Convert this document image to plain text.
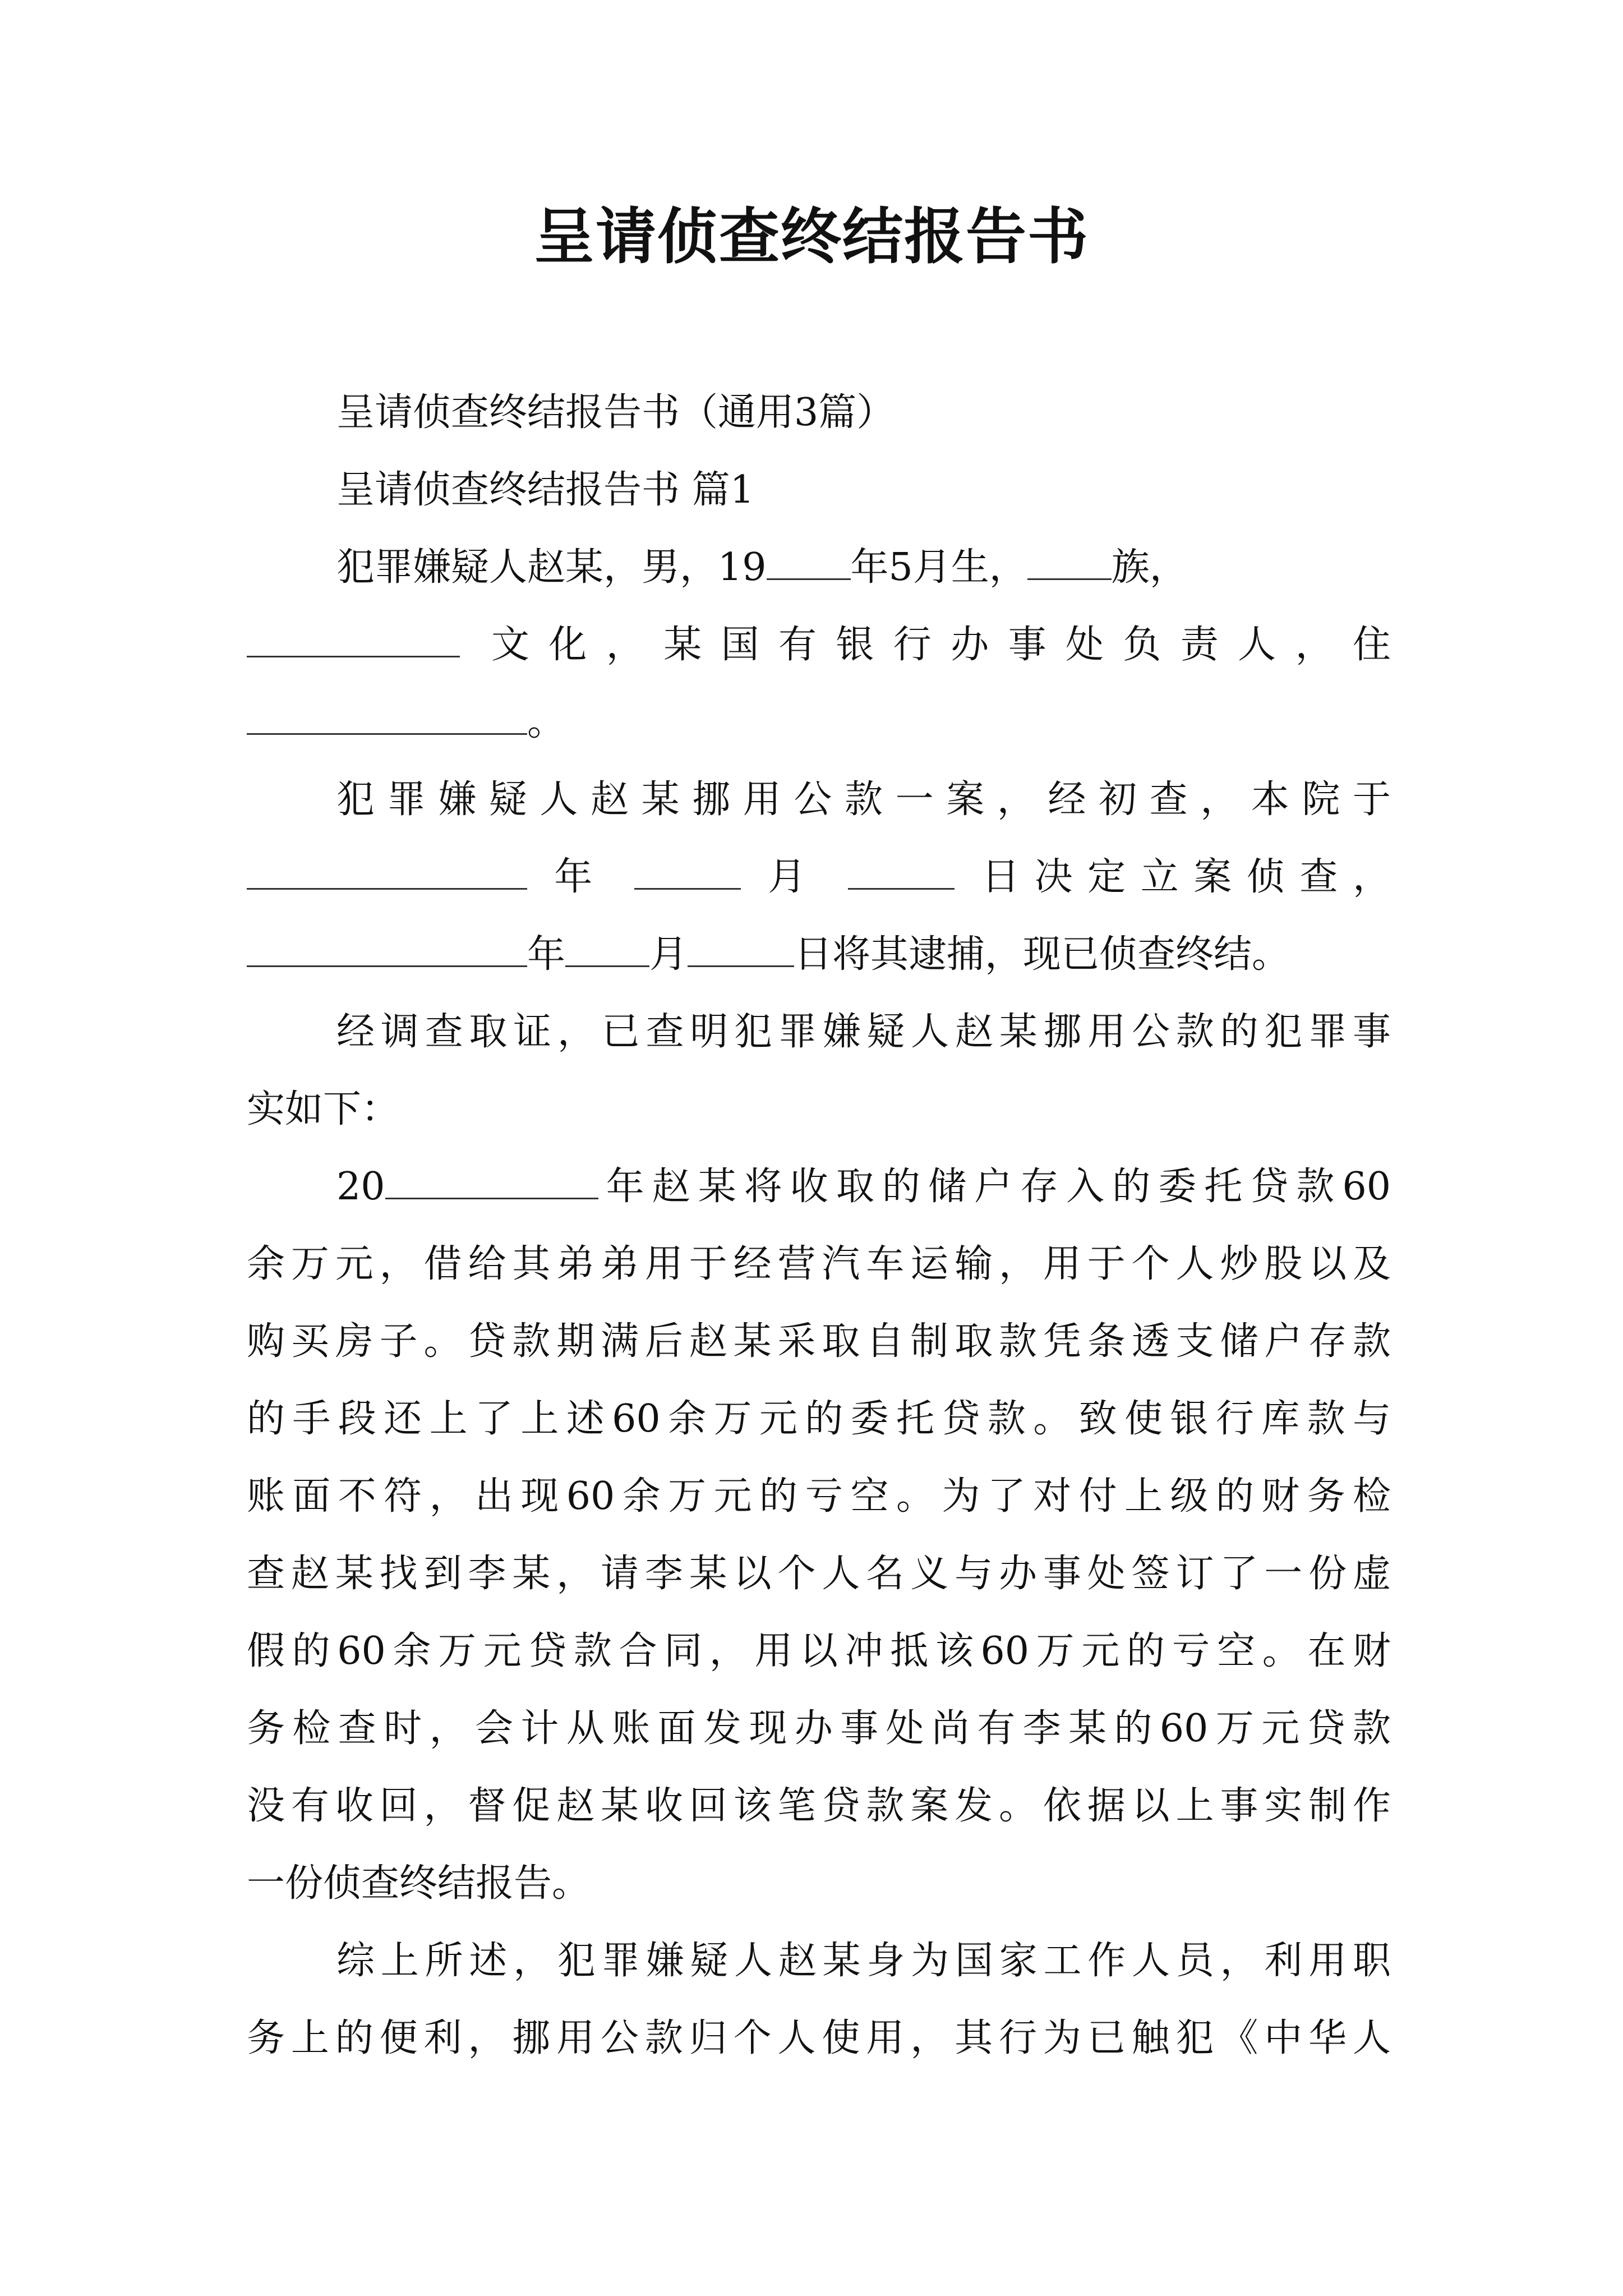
呈请侦查终结报告书

呈请侦查终结报告书（通用3篇）

呈请侦查终结报告书 篇1

犯罪嫌疑人赵某，男，19 年5月生， 族，

文化，某国有银行办事处负责人，住

。

犯罪嫌疑人赵某挪用公款一案，经初查，本院于

年	月	日决定立案侦查，

年 月	日将其逮捕，现已侦查终结。

经调查取证，已查明犯罪嫌疑人赵某挪用公款的犯罪事

实如下：

20	年赵某将收取的储户存入的委托贷款60

余万元，借给其弟弟用于经营汽车运输，用于个人炒股以及

购买房子。贷款期满后赵某采取自制取款凭条透支储户存款

的手段还上了上述60余万元的委托贷款。致使银行库款与

账面不符，出现60余万元的亏空。为了对付上级的财务检

查赵某找到李某，请李某以个人名义与办事处签订了一份虚

假的60余万元贷款合同，用以冲抵该60万元的亏空。在财

务检查时，会计从账面发现办事处尚有李某的60万元贷款

没有收回，督促赵某收回该笔贷款案发。依据以上事实制作

一份侦查终结报告。

综上所述，犯罪嫌疑人赵某身为国家工作人员，利用职

务上的便利，挪用公款归个人使用，其行为已触犯《中华人
